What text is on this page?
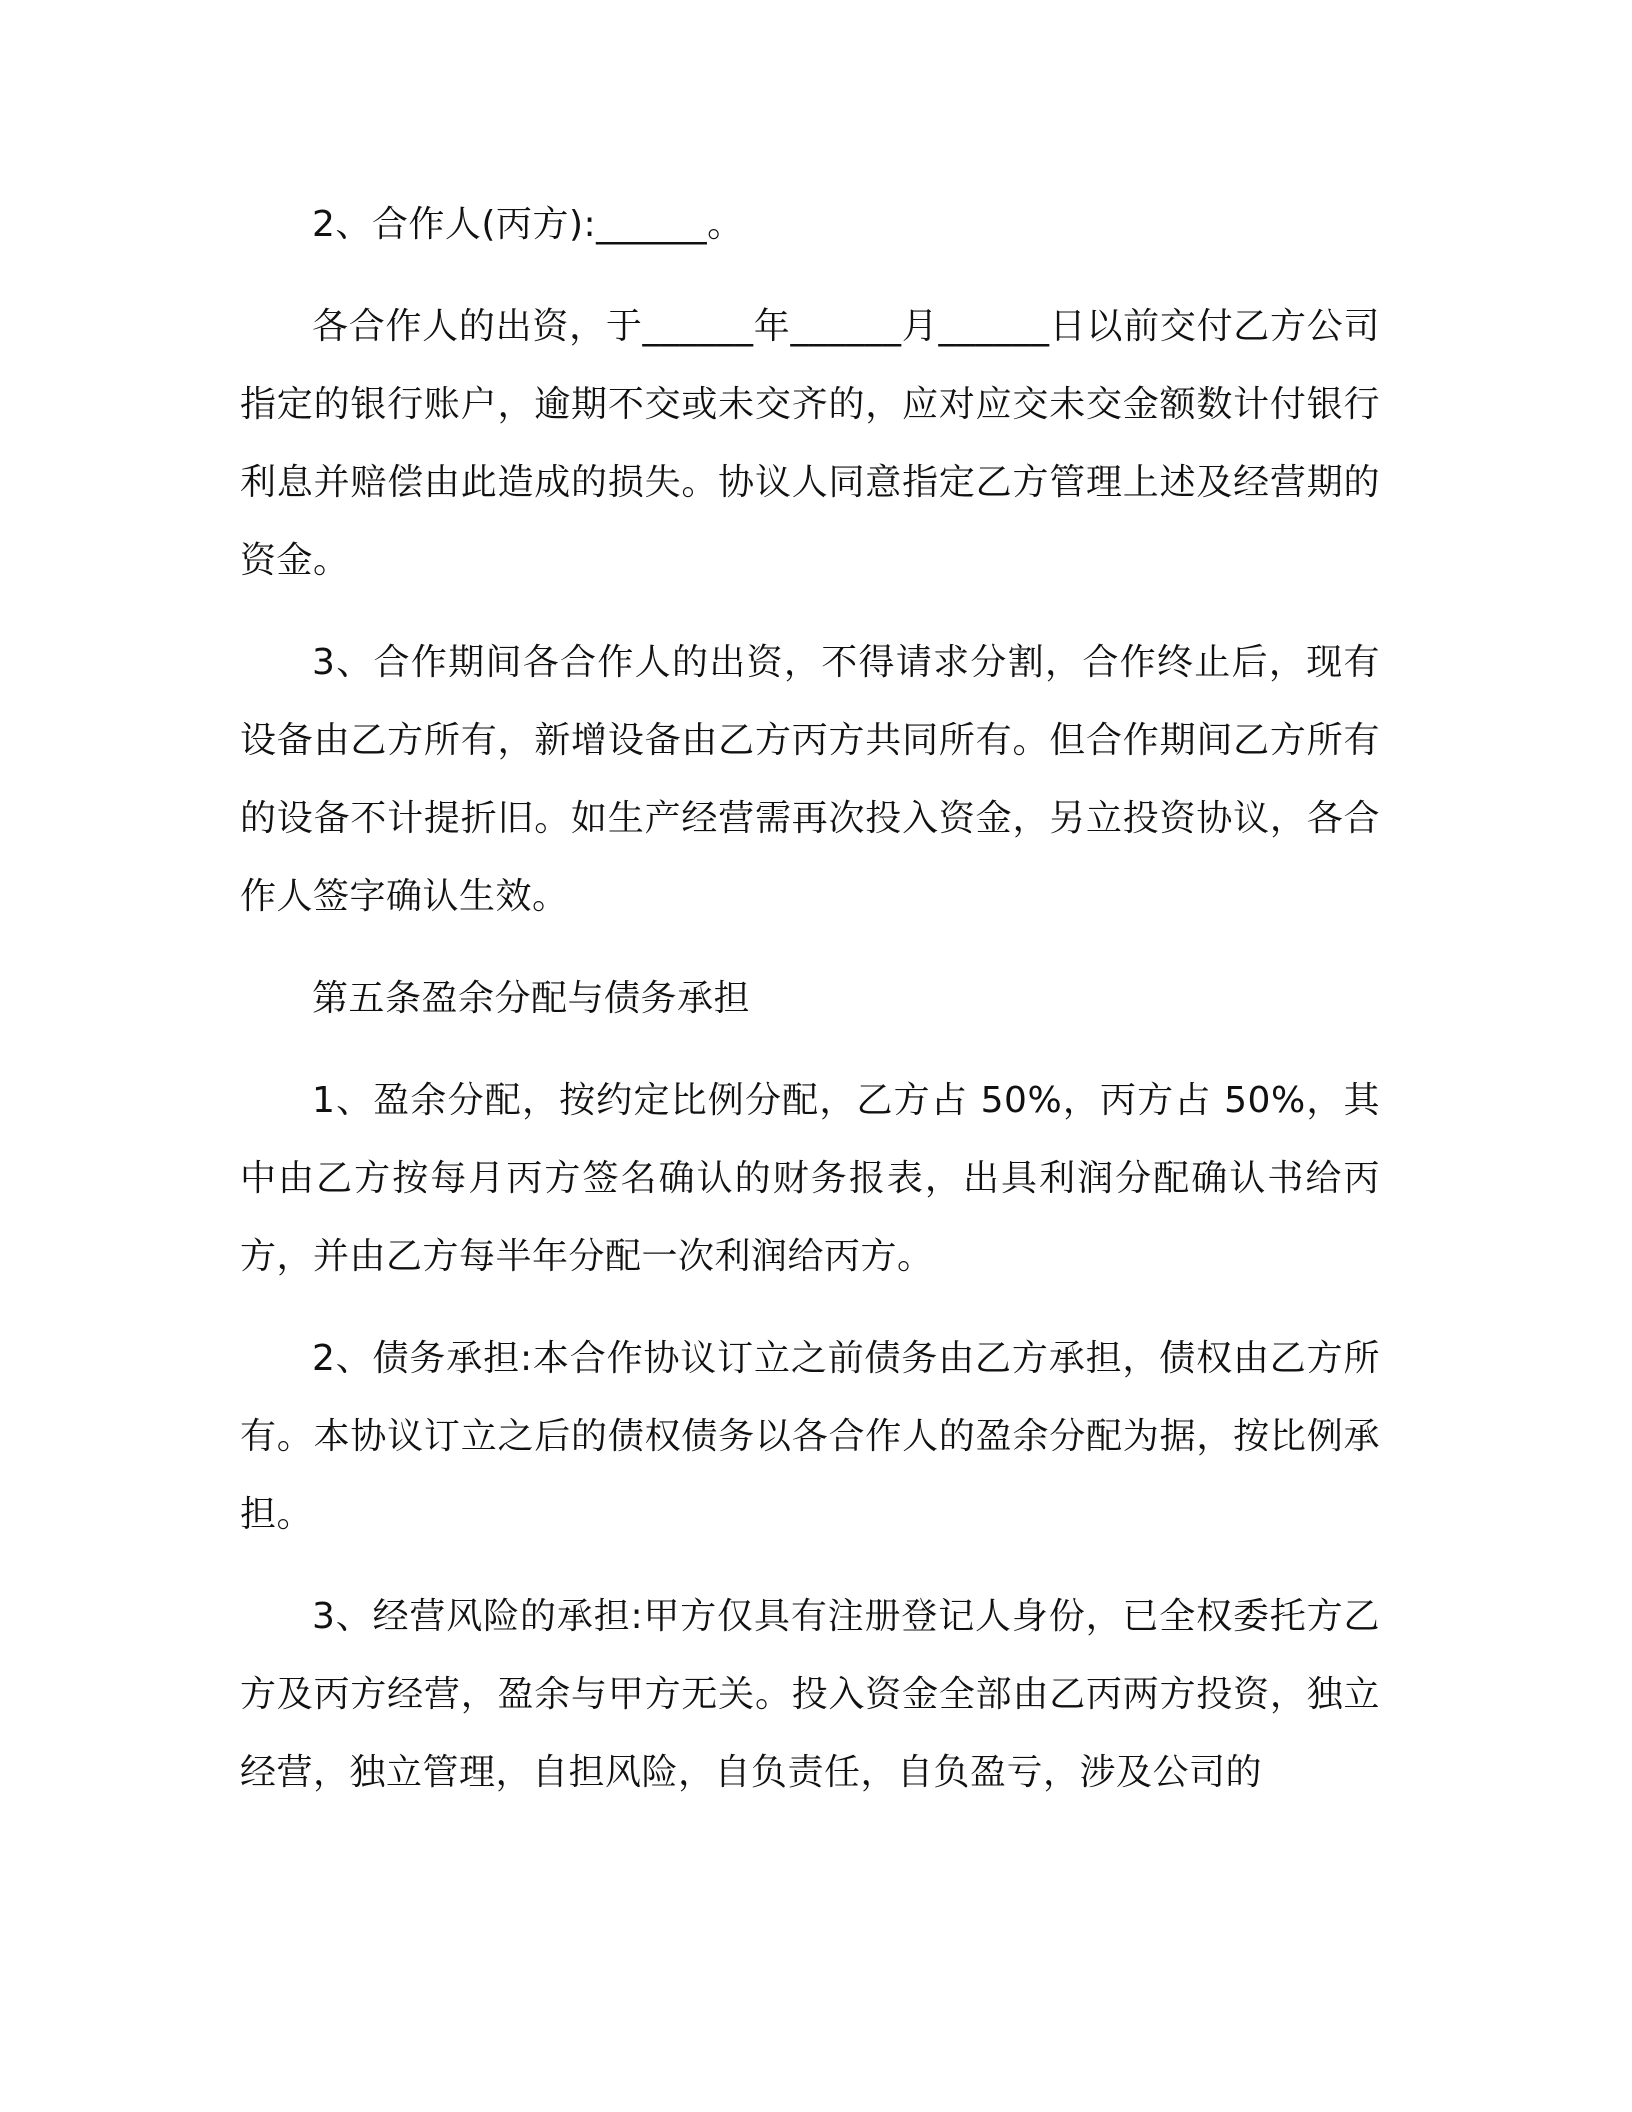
2、合作人(丙方):______。

各合作人的出资，于______年______月______日以前交付乙方公司指定的银行账户，逾期不交或未交齐的，应对应交未交金额数计付银行利息并赔偿由此造成的损失。协议人同意指定乙方管理上述及经营期的资金。

3、合作期间各合作人的出资，不得请求分割，合作终止后，现有设备由乙方所有，新增设备由乙方丙方共同所有。但合作期间乙方所有的设备不计提折旧。如生产经营需再次投入资金，另立投资协议，各合作人签字确认生效。

第五条盈余分配与债务承担

1、盈余分配，按约定比例分配，乙方占 50%，丙方占 50%，其中由乙方按每月丙方签名确认的财务报表，出具利润分配确认书给丙方，并由乙方每半年分配一次利润给丙方。

2、债务承担:本合作协议订立之前债务由乙方承担，债权由乙方所有。本协议订立之后的债权债务以各合作人的盈余分配为据，按比例承担。

3、经营风险的承担:甲方仅具有注册登记人身份，已全权委托方乙方及丙方经营，盈余与甲方无关。投入资金全部由乙丙两方投资，独立经营，独立管理，自担风险，自负责任，自负盈亏，涉及公司的
